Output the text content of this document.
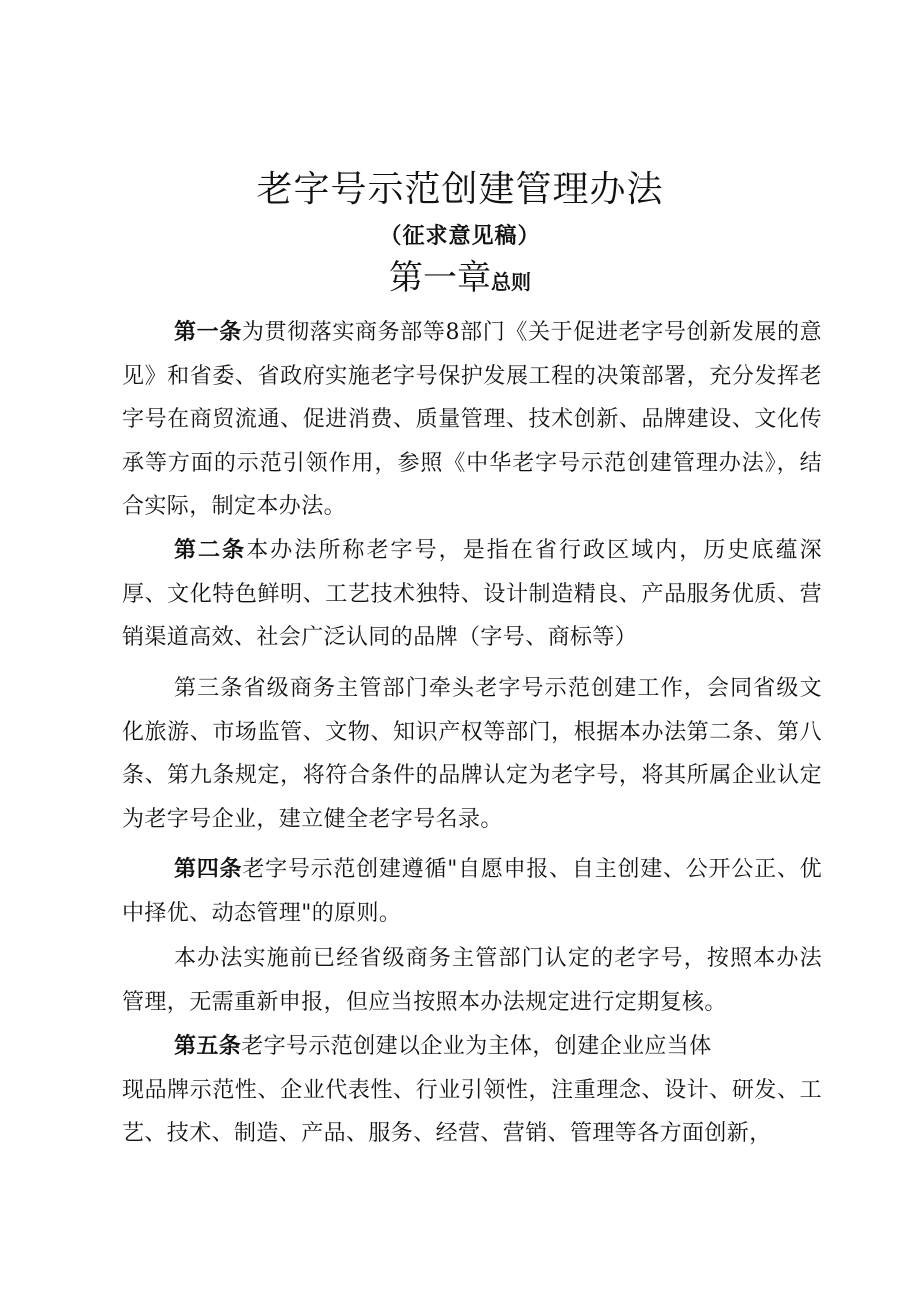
老字号示范创建管理办法
（征求意见稿）
第一章总则

第一条为贯彻落实商务部等8部门《关于促进老字号创新发展的意见》和省委、省政府实施老字号保护发展工程的决策部署，充分发挥老字号在商贸流通、促进消费、质量管理、技术创新、品牌建设、文化传承等方面的示范引领作用，参照《中华老字号示范创建管理办法》，结合实际，制定本办法。

第二条本办法所称老字号，是指在省行政区域内，历史底蕴深厚、文化特色鲜明、工艺技术独特、设计制造精良、产品服务优质、营销渠道高效、社会广泛认同的品牌（字号、商标等）

第三条省级商务主管部门牵头老字号示范创建工作，会同省级文化旅游、市场监管、文物、知识产权等部门，根据本办法第二条、第八条、第九条规定，将符合条件的品牌认定为老字号，将其所属企业认定为老字号企业，建立健全老字号名录。

第四条老字号示范创建遵循"自愿申报、自主创建、公开公正、优中择优、动态管理"的原则。

本办法实施前已经省级商务主管部门认定的老字号，按照本办法管理，无需重新申报，但应当按照本办法规定进行定期复核。

第五条老字号示范创建以企业为主体，创建企业应当体
现品牌示范性、企业代表性、行业引领性，注重理念、设计、研发、工艺、技术、制造、产品、服务、经营、营销、管理等各方面创新，
